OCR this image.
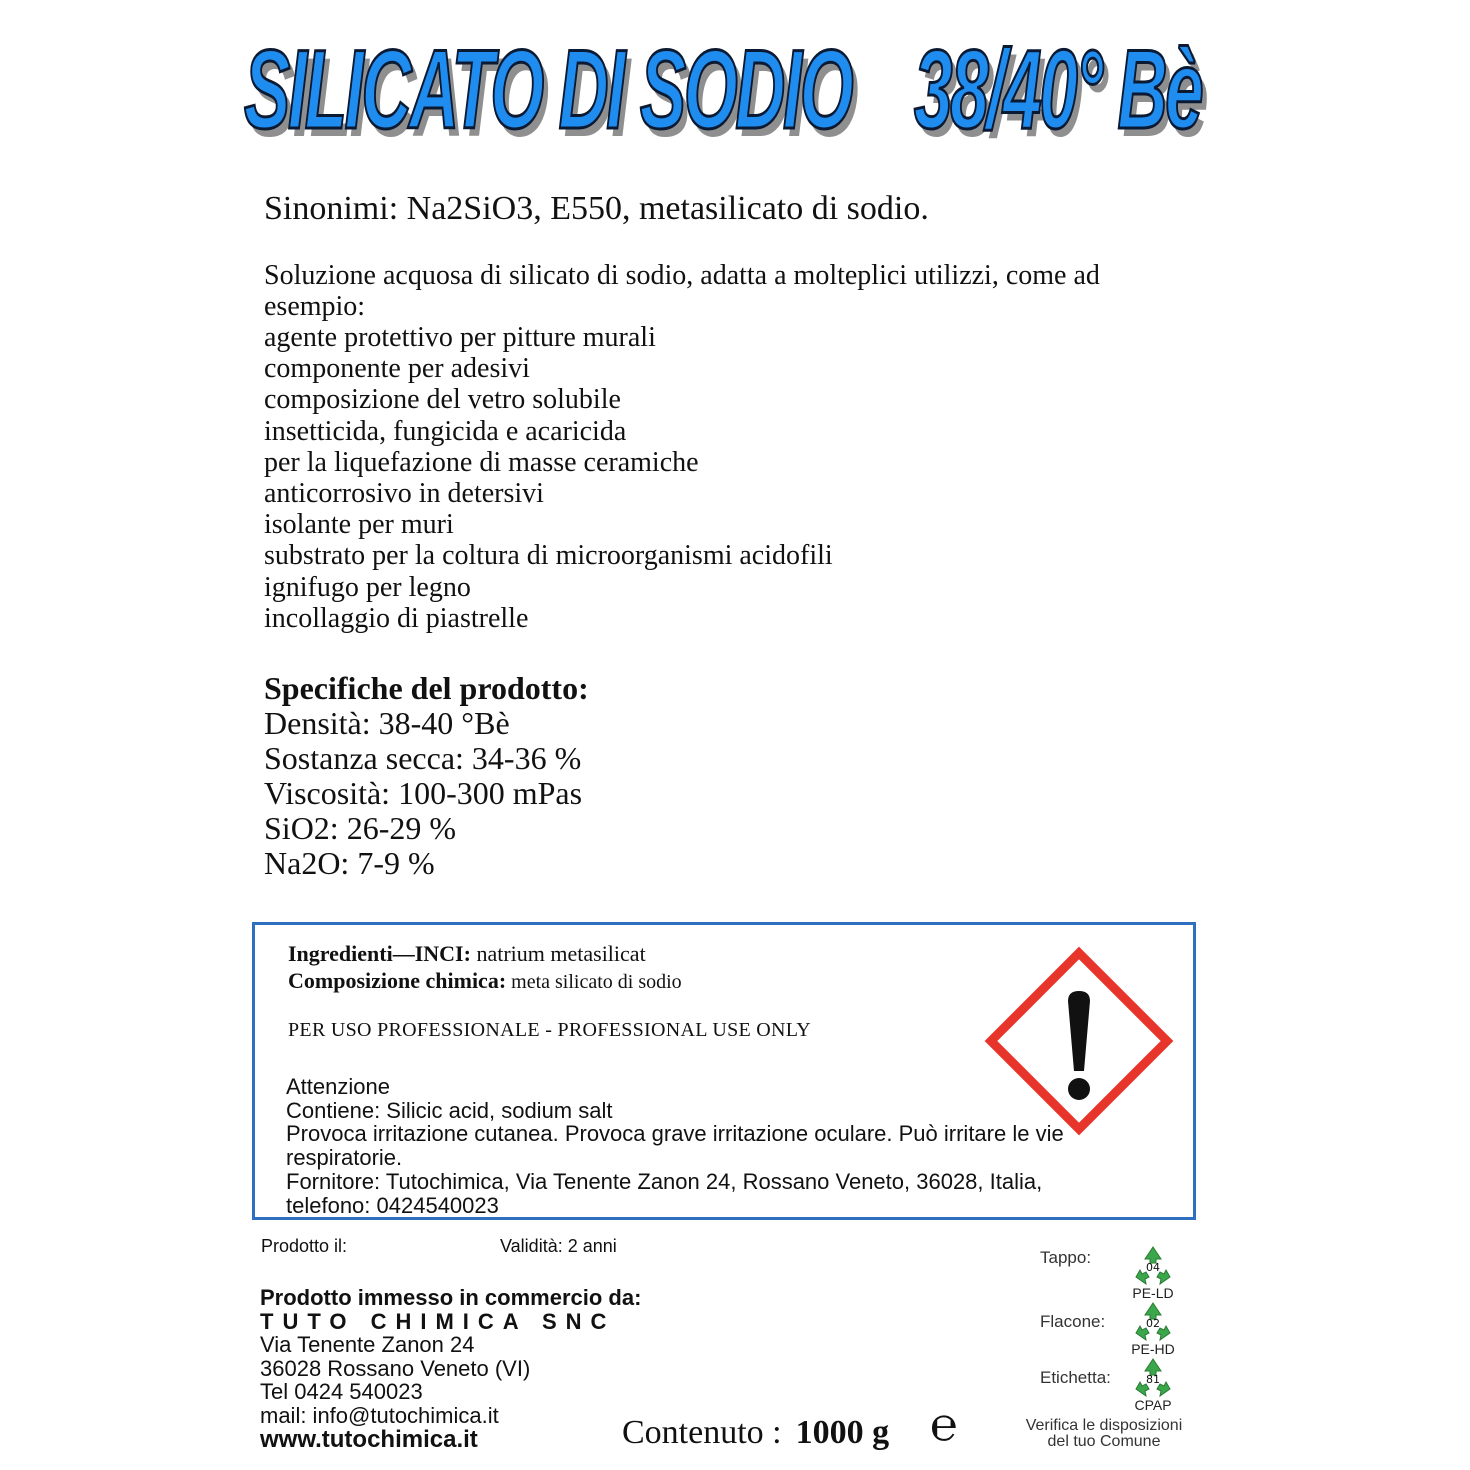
SILICATO DI SODIO 38/40° Bè
Sinonimi: Na2SiO3, E550, metasilicato di sodio.
Soluzione acquosa di silicato di sodio, adatta a molteplici utilizzi, come ad esempio:
agente protettivo per pitture murali
componente per adesivi
composizione del vetro solubile
insetticida, fungicida e acaricida
per la liquefazione di masse ceramiche
anticorrosivo in detersivi
isolante per muri
substrato per la coltura di microorganismi acidofili
ignifugo per legno
incollaggio di piastrelle
Specifiche del prodotto:
Densità: 38-40 °Bè
Sostanza secca: 34-36 %
Viscosità: 100-300 mPas
SiO2: 26-29 %
Na2O: 7-9 %
Ingredienti—INCI: natrium metasilicat
Composizione chimica: meta silicato di sodio
PER USO PROFESSIONALE - PROFESSIONAL USE ONLY
Attenzione
Contiene: Silicic acid, sodium salt
Provoca irritazione cutanea. Provoca grave irritazione oculare. Può irritare le vie respiratorie.
Fornitore: Tutochimica, Via Tenente Zanon 24, Rossano Veneto, 36028, Italia, telefono: 0424540023
Prodotto il:	Validità: 2 anni
Prodotto immesso in commercio da:
TUTO CHIMICA SNC
Via Tenente Zanon 24
36028 Rossano Veneto (VI)
Tel 0424 540023
mail: info@tutochimica.it
www.tutochimica.it	Contenuto : 1000 g ℮
Tappo:
Flacone:
Etichetta:
04
PE-LD
02
PE-HD
81
CPAP
Verifica le disposizioni del tuo Comune
